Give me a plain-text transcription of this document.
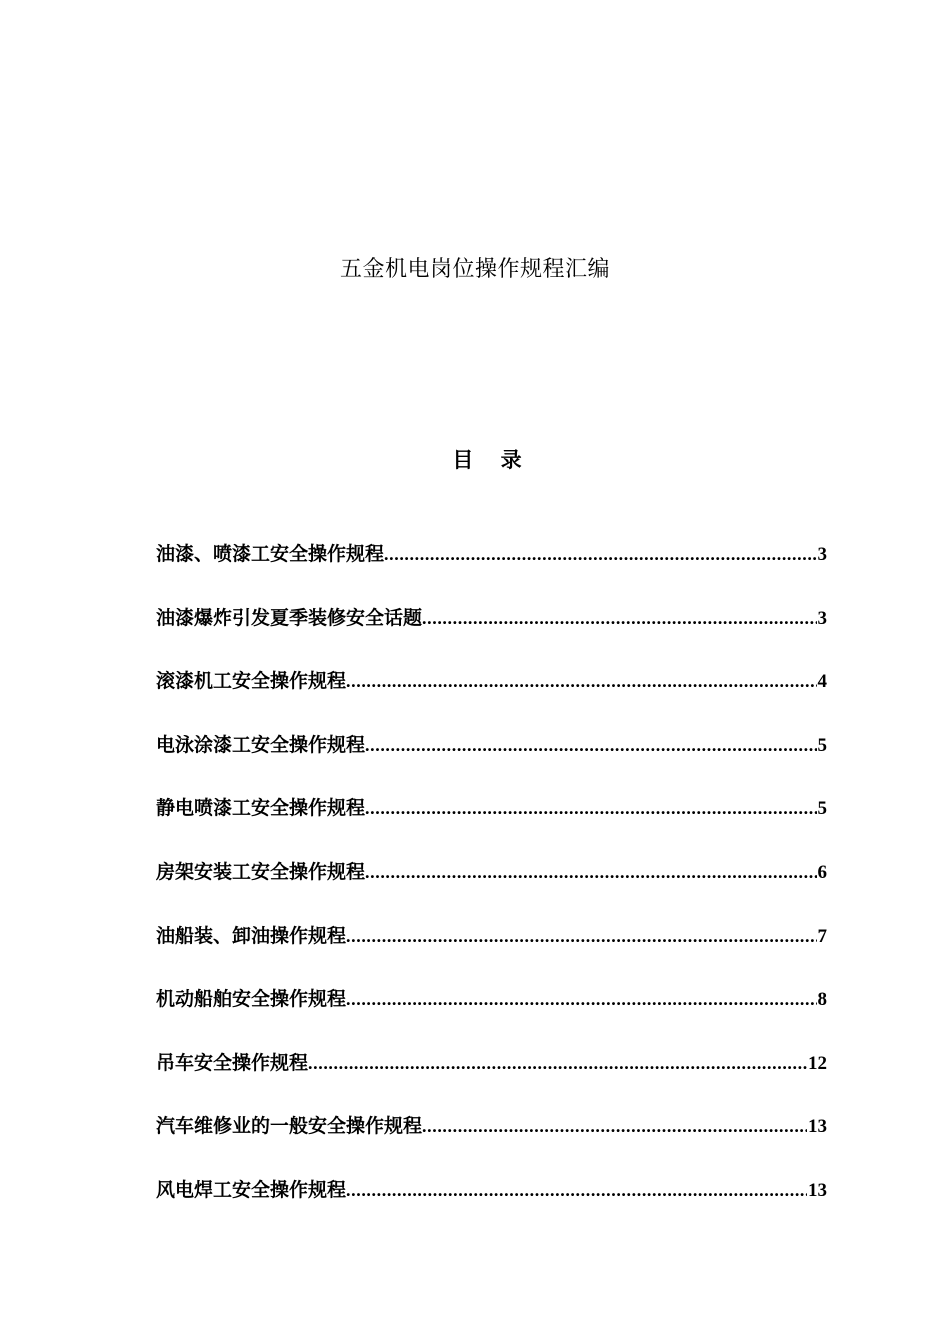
五金机电岗位操作规程汇编
目 录
油漆、喷漆工安全操作规程 .....	3
油漆爆炸引发夏季装修安全话题 .....	3
滚漆机工安全操作规程 .....	4
电泳涂漆工安全操作规程 .....	5
静电喷漆工安全操作规程 .....	5
房架安装工安全操作规程 .....	6
油船装、卸油操作规程 .....	7
机动船舶安全操作规程 .....	8
吊车安全操作规程 .....	12
汽车维修业的一般安全操作规程 .....	13
风电焊工安全操作规程 .....	13
